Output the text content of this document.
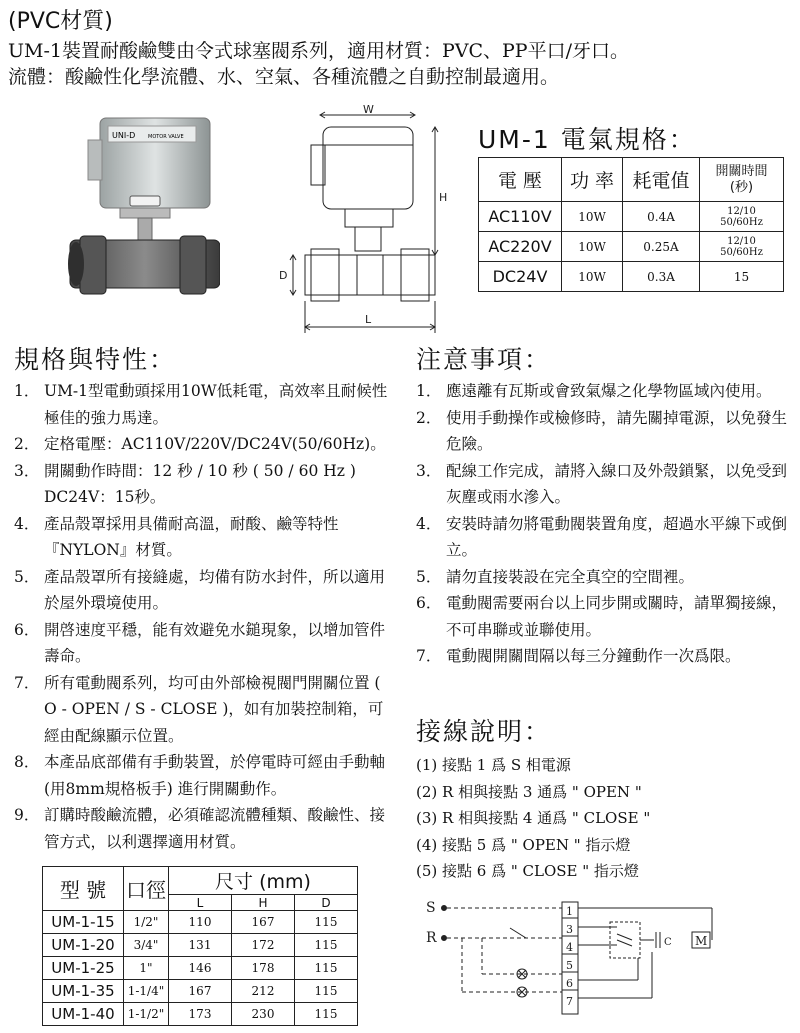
(PVC材質)
UM-1裝置耐酸鹼雙由令式球塞閥系列，適用材質：PVC、PP平口/牙口。
流體：酸鹼性化學流體、水、空氣、各種流體之自動控制最適用。
UNI-D	MOTOR VALVE
W
H
D
L
UM-1 電氣規格：
電 壓	功 率	耗電值	開關時間
(秒)
AC110V	10W	0.4A	12/10
50/60Hz
AC220V	10W	0.25A	12/10
50/60Hz
DC24V	10W	0.3A	15
規格與特性：
1． UM-1型電動頭採用10W低耗電，高效率且耐候性極佳的強力馬達。
2． 定格電壓：AC110V/220V/DC24V(50/60Hz)。
3． 開關動作時間：12 秒 / 10 秒 ( 50 / 60 Hz ) DC24V：15秒。
4． 產品殼罩採用具備耐高溫，耐酸、鹼等特性『NYLON』材質。
5． 產品殼罩所有接縫處，均備有防水封件，所以適用於屋外環境使用。
6． 開啓速度平穩，能有效避免水鎚現象，以增加管件壽命。
7． 所有電動閥系列，均可由外部檢視閥門開關位置 ( O - OPEN / S - CLOSE )，如有加裝控制箱，可經由配線顯示位置。
8． 本產品底部備有手動裝置，於停電時可經由手動軸 (用8mm規格板手) 進行開關動作。
9． 訂購時酸鹼流體，必須確認流體種類、酸鹼性、接管方式，以利選擇適用材質。
注意事項：
1． 應遠離有瓦斯或會致氣爆之化學物區域內使用。
2． 使用手動操作或檢修時，請先關掉電源，以免發生危險。
3． 配線工作完成，請將入線口及外殼鎖緊，以免受到灰塵或雨水滲入。
4． 安裝時請勿將電動閥裝置角度，超過水平線下或倒立。
5． 請勿直接裝設在完全真空的空間裡。
6． 電動閥需要兩台以上同步開或關時，請單獨接線，不可串聯或並聯使用。
7． 電動閥開關間隔以每三分鐘動作一次爲限。
接線說明：
(1) 接點 1 爲 S 相電源
(2) R 相與接點 3 通爲 " OPEN "
(3) R 相與接點 4 通爲 " CLOSE "
(4) 接點 5 爲 " OPEN " 指示燈
(5) 接點 6 爲 " CLOSE " 指示燈
S
R
1
3
4
5
6
7
C M
型 號	口徑	尺寸 (mm)		
		L	H	D
UM-1-15	1/2"	110	167	115
UM-1-20	3/4"	131	172	115
UM-1-25	1"	146	178	115
UM-1-35	1-1/4"	167	212	115
UM-1-40	1-1/2"	173	230	115
